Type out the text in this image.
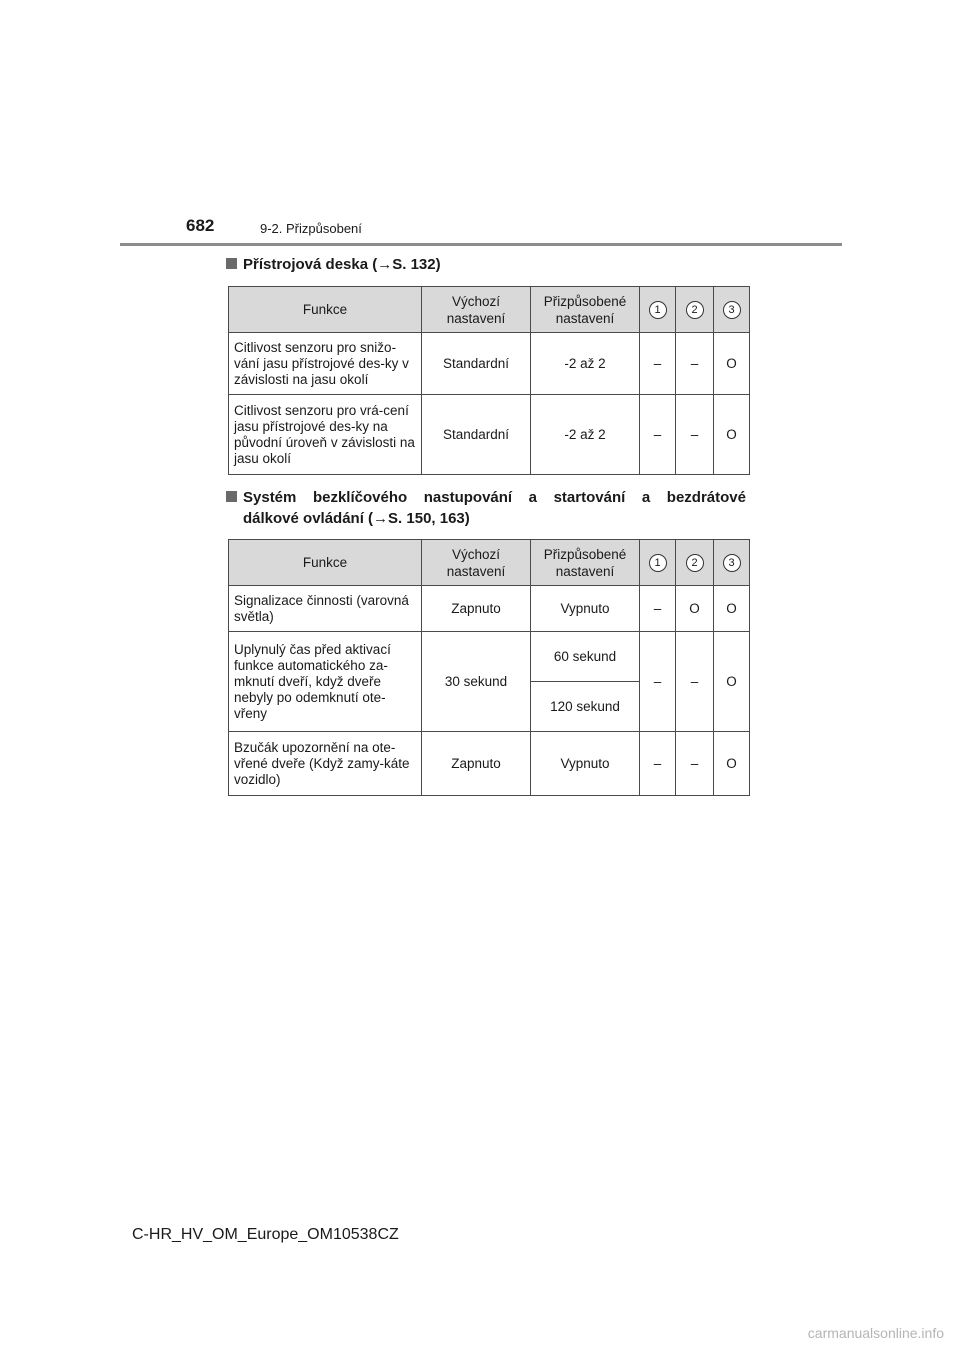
682	9-2. Přizpůsobení
Přístrojová deska (→S. 132)
Funkce	Výchozí nastavení	Přizpůsobené nastavení	1	2	3
Citlivost senzoru pro snižo-vání jasu přístrojové des-ky v závislosti na jasu okolí	Standardní	-2 až 2	–	–	O
Citlivost senzoru pro vrá-cení jasu přístrojové des-ky na původní úroveň v závislosti na jasu okolí	Standardní	-2 až 2	–	–	O
Systém bezklíčového nastupování a startování a bezdrátové
dálkové ovládání (→S. 150, 163)
Funkce	Výchozí nastavení	Přizpůsobené nastavení	1	2	3
Signalizace činnosti (varovná světla)	Zapnuto	Vypnuto	–	O	O
Uplynulý čas před aktivací funkce automatického za-mknutí dveří, když dveře nebyly po odemknutí ote-vřeny	30 sekund	60 sekund	–	–	O
		120 sekund			
Bzučák upozornění na ote-vřené dveře (Když zamy-káte vozidlo)	Zapnuto	Vypnuto	–	–	O
C-HR_HV_OM_Europe_OM10538CZ
carmanualsonline.info
